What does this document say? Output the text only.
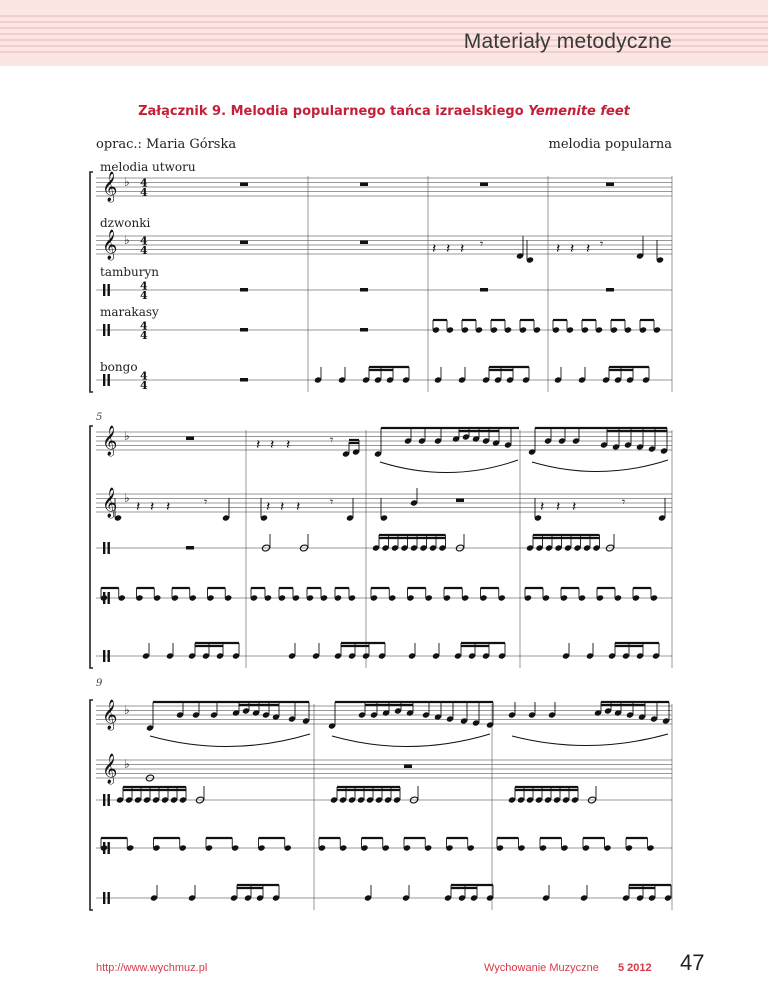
Materiały metodyczne
Załącznik 9. Melodia popularnego tańca izraelskiego Yemenite feet
oprac.: Maria Górska	melodia popularna
melodia utworu
dzwonki
tamburyn
marakasy
bongo
5
9
𝄞
𝄞
♭
♭
4
4
4
4
4
4
4
4
4
4
𝄽 𝄽 𝄽	𝄽 𝄽 𝄽
𝄾	𝄾
𝄞
𝄞
♭
♭
𝄽 𝄽 𝄽	𝄾
𝄽 𝄽 𝄽	𝄽 𝄽 𝄽	𝄽 𝄽 𝄽
𝄾	𝄾	𝄾
𝄞
𝄞
♭
♭
http://www.wychmuz.pl	Wychowanie Muzyczne 5 2012 47
